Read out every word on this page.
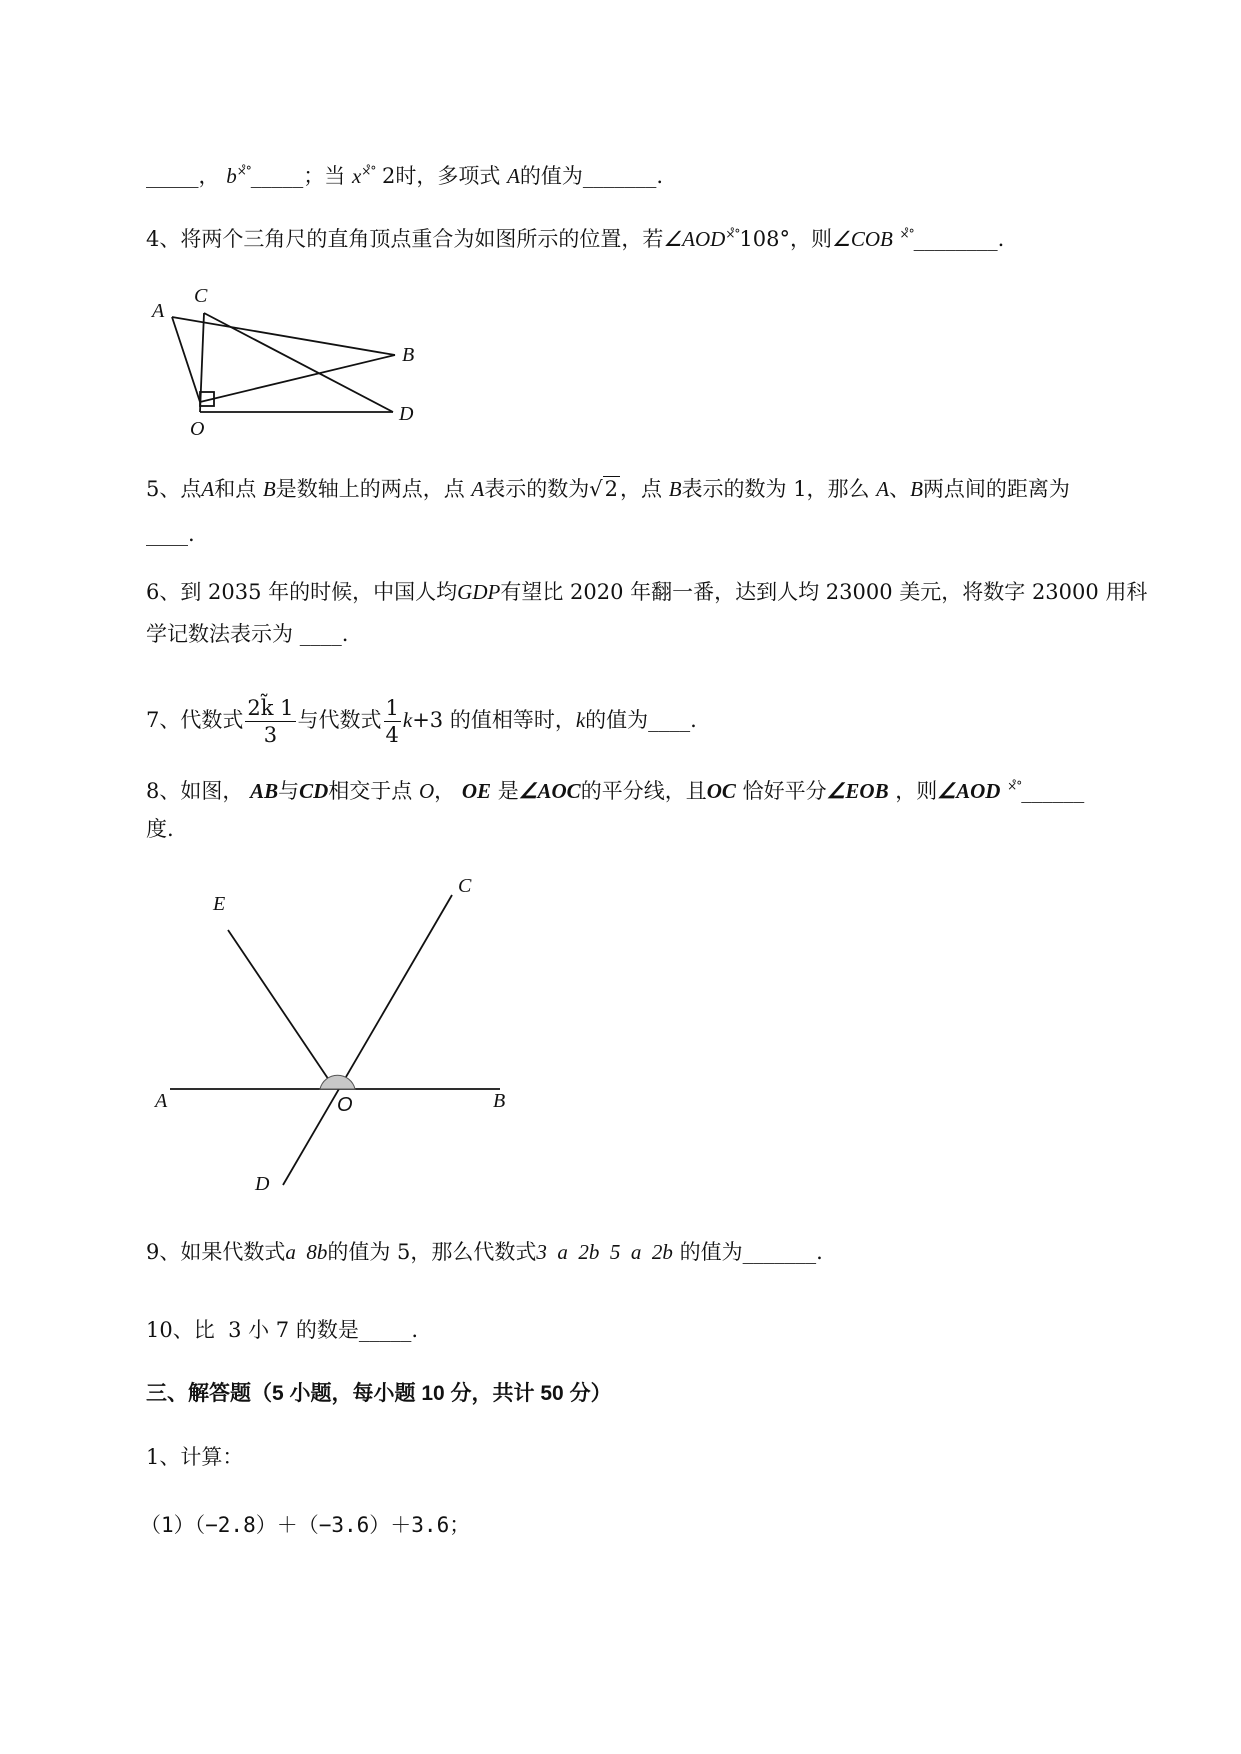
_____， b×̊°_____；当 x×̊° 2时，多项式 A的值为_______.
4、将两个三角尺的直角顶点重合为如图所示的位置，若∠AOD×̊°108°，则∠COB ×̊°________.
A
C
B
O
D
5、点A和点 B是数轴上的两点，点 A表示的数为√2，点 B表示的数为 1，那么 A、B两点间的距离为
____.
6、到 2035 年的时候，中国人均GDP有望比 2020 年翻一番，达到人均 23000 美元，将数字 23000 用科
学记数法表示为 ____.
7、代数式 $\frac{2k̃ 1}{3}$ 与代数式 $\frac{1}{4} k+3$ 的值相等时，k的值为____.
8、如图， AB与CD相交于点 O， OE 是∠AOC的平分线，且OC 恰好平分∠EOB ，则∠AOD ×̊°______
度.
E
C
A	O	B
D
9、如果代数式a  8b的值为 5，那么代数式3  a  2b  5  a  2b 的值为_______.
10、比  3 小 7 的数是_____.
三、解答题（5 小题，每小题 10 分，共计 50 分）
1、计算：
（1）（−2.8）＋（−3.6）＋3.6；
